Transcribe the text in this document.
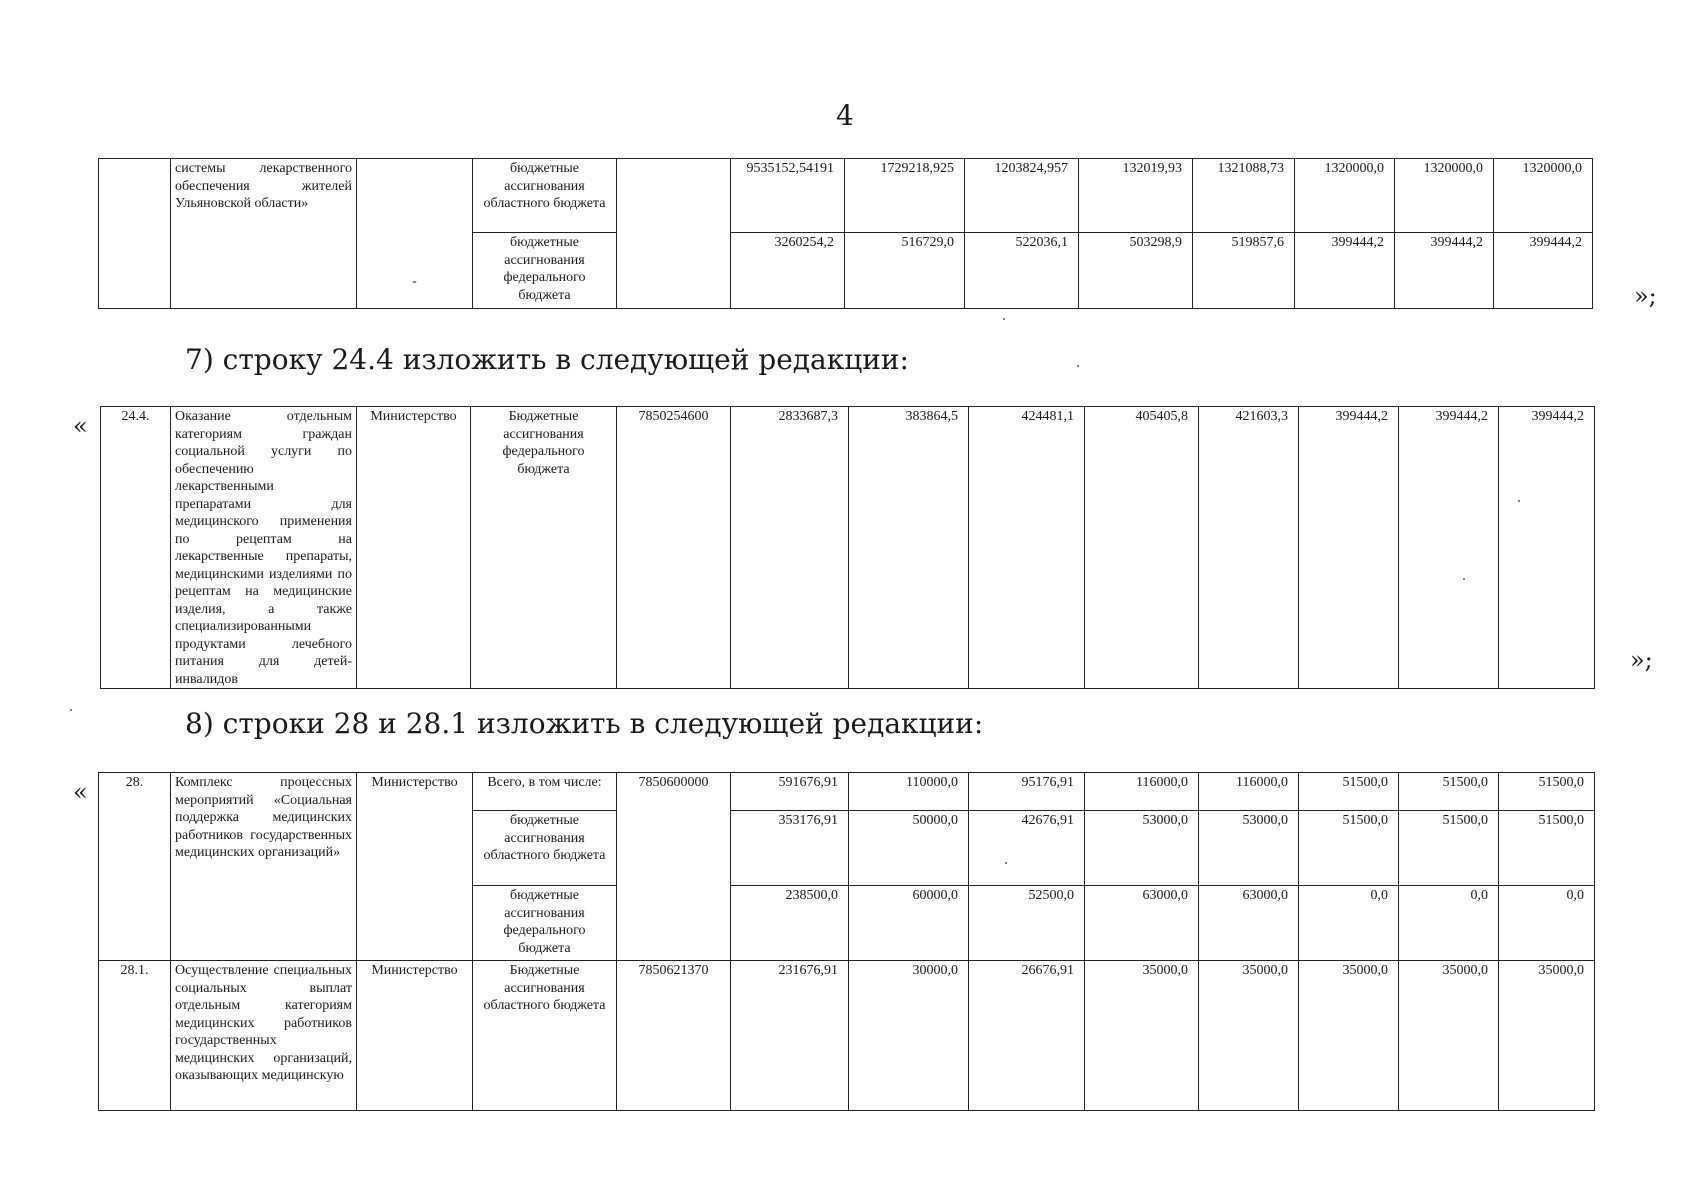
4
	системы лекарственного обеспечения жителей Ульяновской области»	-	бюджетные ассигнования областного бюджета		9535152,54191	1729218,925	1203824,957	132019,93	1321088,73	1320000,0	1320000,0	1320000,0
			бюджетные ассигнования федерального бюджета		3260254,2	516729,0	522036,1	503298,9	519857,6	399444,2	399444,2	399444,2
»;
7) строку 24.4 изложить в следующей редакции:
« 24.4.	Оказание отдельным категориям граждан социальной услуги по обеспечению лекарственными препаратами для медицинского применения по рецептам на лекарственные препараты, медицинскими изделиями по рецептам на медицинские изделия, а также специализированными продуктами лечебного питания для детей-инвалидов	Министерство	Бюджетные ассигнования федерального бюджета	7850254600	2833687,3	383864,5	424481,1	405405,8	421603,3	399444,2	399444,2	399444,2
»;
8) строки 28 и 28.1 изложить в следующей редакции:
«	28.	Комплекс процессных мероприятий «Социальная поддержка медицинских работников государственных медицинских организаций»	Министерство	Всего, в том числе:	7850600000	591676,91	110000,0	95176,91	116000,0	116000,0	51500,0	51500,0	51500,0
			бюджетные ассигнования областного бюджета		353176,91	50000,0	42676,91	53000,0	53000,0	51500,0	51500,0	51500,0
			бюджетные ассигнования федерального бюджета		238500,0	60000,0	52500,0	63000,0	63000,0	0,0	0,0	0,0
28.1.	Осуществление специальных социальных выплат отдельным категориям медицинских работников государственных медицинских организаций, оказывающих медицинскую	Министерство	Бюджетные ассигнования областного бюджета	7850621370	231676,91	30000,0	26676,91	35000,0	35000,0	35000,0	35000,0	35000,0
